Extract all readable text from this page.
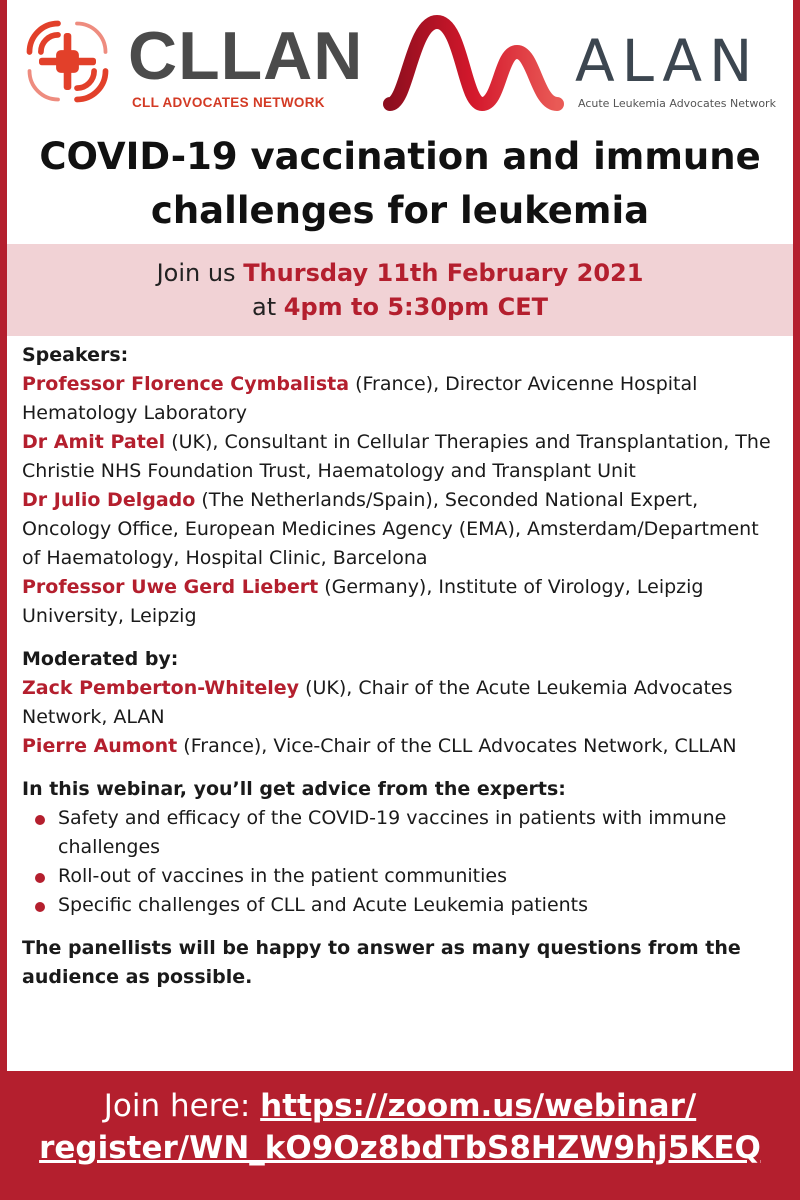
CLLAN
CLL ADVOCATES NETWORK
ALAN
Acute Leukemia Advocates Network
COVID-19 vaccination and immune
challenges for leukemia
Join us Thursday 11th February 2021
at 4pm to 5:30pm CET
Speakers:
Professor Florence Cymbalista (France), Director Avicenne Hospital Hematology Laboratory
Dr Amit Patel (UK), Consultant in Cellular Therapies and Transplantation, The Christie NHS Foundation Trust, Haematology and Transplant Unit
Dr Julio Delgado (The Netherlands/Spain), Seconded National Expert, Oncology Office, European Medicines Agency (EMA), Amsterdam/Department of Haematology, Hospital Clinic, Barcelona
Professor Uwe Gerd Liebert (Germany), Institute of Virology, Leipzig University, Leipzig
Moderated by:
Zack Pemberton-Whiteley (UK), Chair of the Acute Leukemia Advocates Network, ALAN
Pierre Aumont (France), Vice-Chair of the CLL Advocates Network, CLLAN
In this webinar, you’ll get advice from the experts:
Safety and efficacy of the COVID-19 vaccines in patients with immune challenges
Roll-out of vaccines in the patient communities
Specific challenges of CLL and Acute Leukemia patients
The panellists will be happy to answer as many questions from the audience as possible.
Join here: https://zoom.us/webinar/
register/WN_kO9Oz8bdTbS8HZW9hj5KEQ
